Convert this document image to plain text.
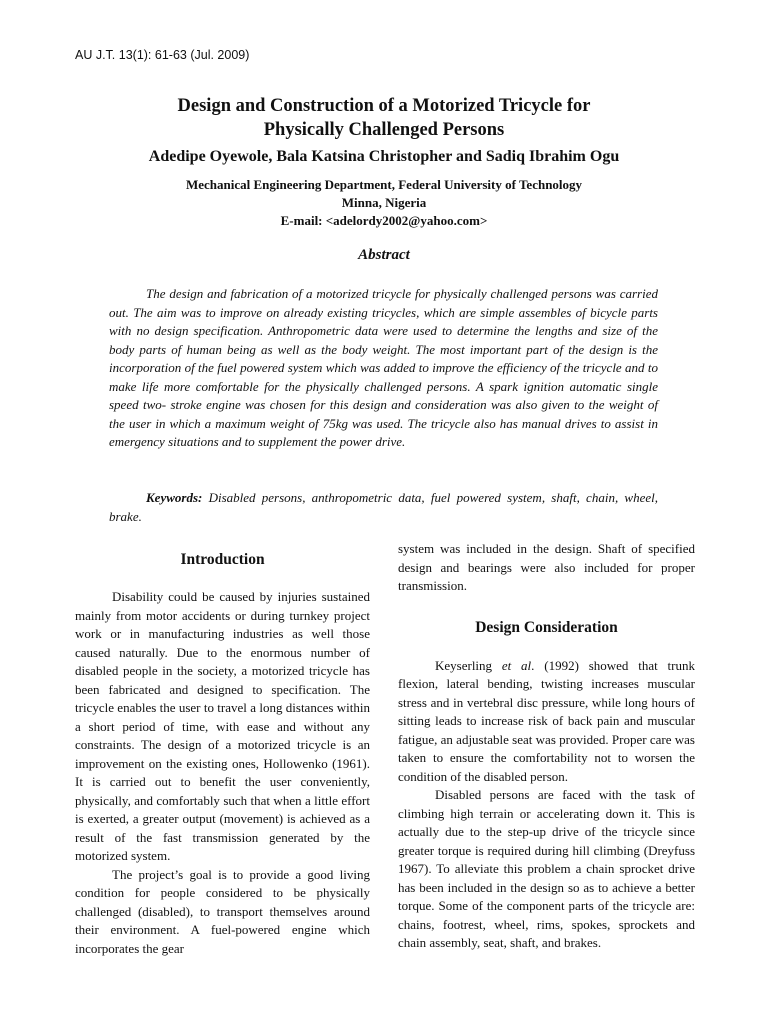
AU J.T. 13(1): 61-63 (Jul. 2009)
Design and Construction of a Motorized Tricycle for
Physically Challenged Persons
Adedipe Oyewole, Bala Katsina Christopher and Sadiq Ibrahim Ogu
Mechanical Engineering Department, Federal University of Technology
Minna, Nigeria
E-mail: <adelordy2002@yahoo.com>
Abstract

The design and fabrication of a motorized tricycle for physically challenged persons was carried out. The aim was to improve on already existing tricycles, which are simple assembles of bicycle parts with no design specification. Anthropometric data were used to determine the lengths and size of the body parts of human being as well as the body weight. The most important part of the design is the incorporation of the fuel powered system which was added to improve the efficiency of the tricycle and to make life more comfortable for the physically challenged persons. A spark ignition automatic single speed two- stroke engine was chosen for this design and consideration was also given to the weight of the user in which a maximum weight of 75kg was used. The tricycle also has manual drives to assist in emergency situations and to supplement the power drive.

Keywords: Disabled persons, anthropometric data, fuel powered system, shaft, chain, wheel, brake.

Introduction

Disability could be caused by injuries sustained mainly from motor accidents or during turnkey project work or in manufacturing industries as well those caused naturally. Due to the enormous number of disabled people in the society, a motorized tricycle has been fabricated and designed to specification. The tricycle enables the user to travel a long distances within a short period of time, with ease and without any constraints. The design of a motorized tricycle is an improvement on the existing ones, Hollowenko (1961). It is carried out to benefit the user conveniently, physically, and comfortably such that when a little effort is exerted, a greater output (movement) is achieved as a result of the fast transmission generated by the motorized system.

The project’s goal is to provide a good living condition for people considered to be physically challenged (disabled), to transport themselves around their environment. A fuel-powered engine which incorporates the gear

system was included in the design. Shaft of specified design and bearings were also included for proper transmission.

Design Consideration

Keyserling et al. (1992) showed that trunk flexion, lateral bending, twisting increases muscular stress and in vertebral disc pressure, while long hours of sitting leads to increase risk of back pain and muscular fatigue, an adjustable seat was provided. Proper care was taken to ensure the comfortability not to worsen the condition of the disabled person.

Disabled persons are faced with the task of climbing high terrain or accelerating down it. This is actually due to the step-up drive of the tricycle since greater torque is required during hill climbing (Dreyfuss 1967). To alleviate this problem a chain sprocket drive has been included in the design so as to achieve a better torque. Some of the component parts of the tricycle are: chains, footrest, wheel, rims, spokes, sprockets and chain assembly, seat, shaft, and brakes.
